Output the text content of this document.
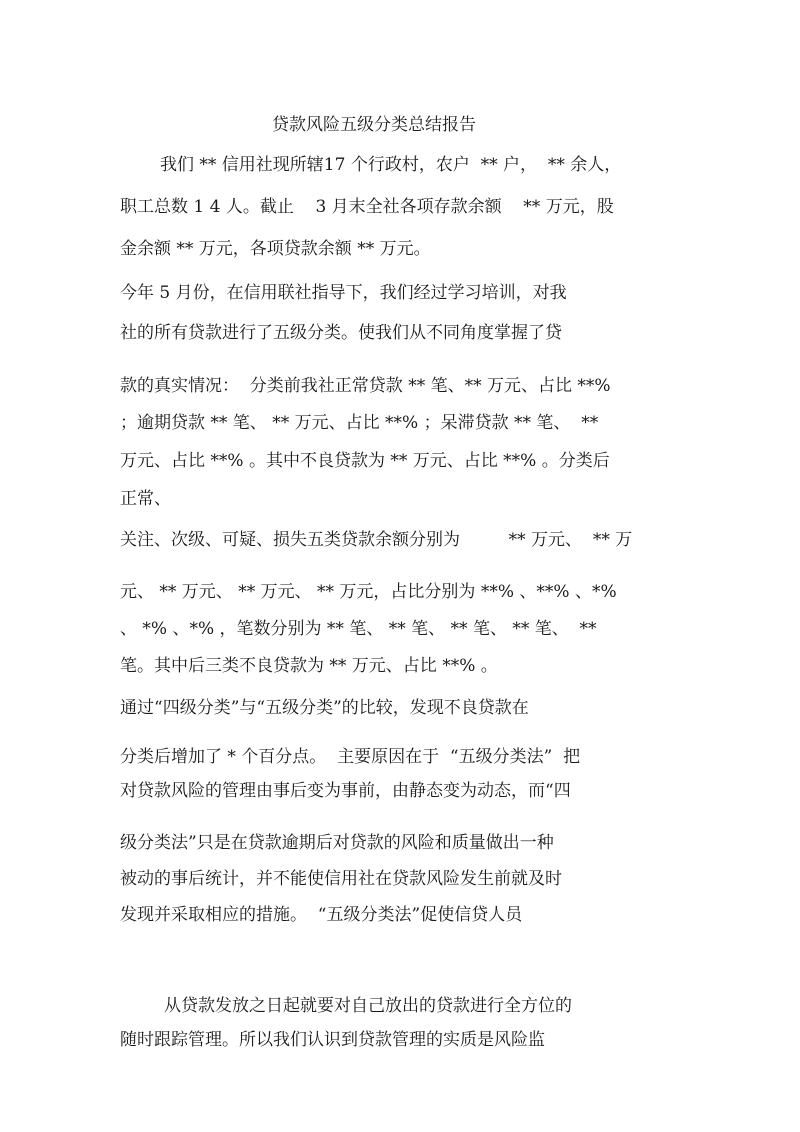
贷款风险五级分类总结报告
我们 ** 信用社现所辖17 个行政村，农户  ** 户，  ** 余人，
职工总数 1 4 人。截止    3 月末全社各项存款余额    ** 万元，股
金余额 ** 万元，各项贷款余额 ** 万元。
今年 5 月份，在信用联社指导下，我们经过学习培训，对我
社的所有贷款进行了五级分类。使我们从不同角度掌握了贷
款的真实情况：  分类前我社正常贷款 ** 笔、** 万元、占比 **%
；逾期贷款 ** 笔、 ** 万元、占比 **% ；呆滞贷款 ** 笔、  **
万元、占比 **% 。其中不良贷款为 ** 万元、占比 **% 。分类后
正常、
关注、次级、可疑、损失五类贷款余额分别为         ** 万元、  ** 万
元、 ** 万元、 ** 万元、 ** 万元，占比分别为 **% 、**% 、*%
、 *% 、*% ，笔数分别为 ** 笔、 ** 笔、 ** 笔、 ** 笔、  **
笔。其中后三类不良贷款为 ** 万元、占比 **% 。
通过“四级分类”与“五级分类”的比较，发现不良贷款在
分类后增加了 * 个百分点。  主要原因在于  “五级分类法”  把
对贷款风险的管理由事后变为事前，由静态变为动态，而“四
级分类法”只是在贷款逾期后对贷款的风险和质量做出一种
被动的事后统计，并不能使信用社在贷款风险发生前就及时
发现并采取相应的措施。  “五级分类法”促使信贷人员
从贷款发放之日起就要对自己放出的贷款进行全方位的
随时跟踪管理。所以我们认识到贷款管理的实质是风险监
